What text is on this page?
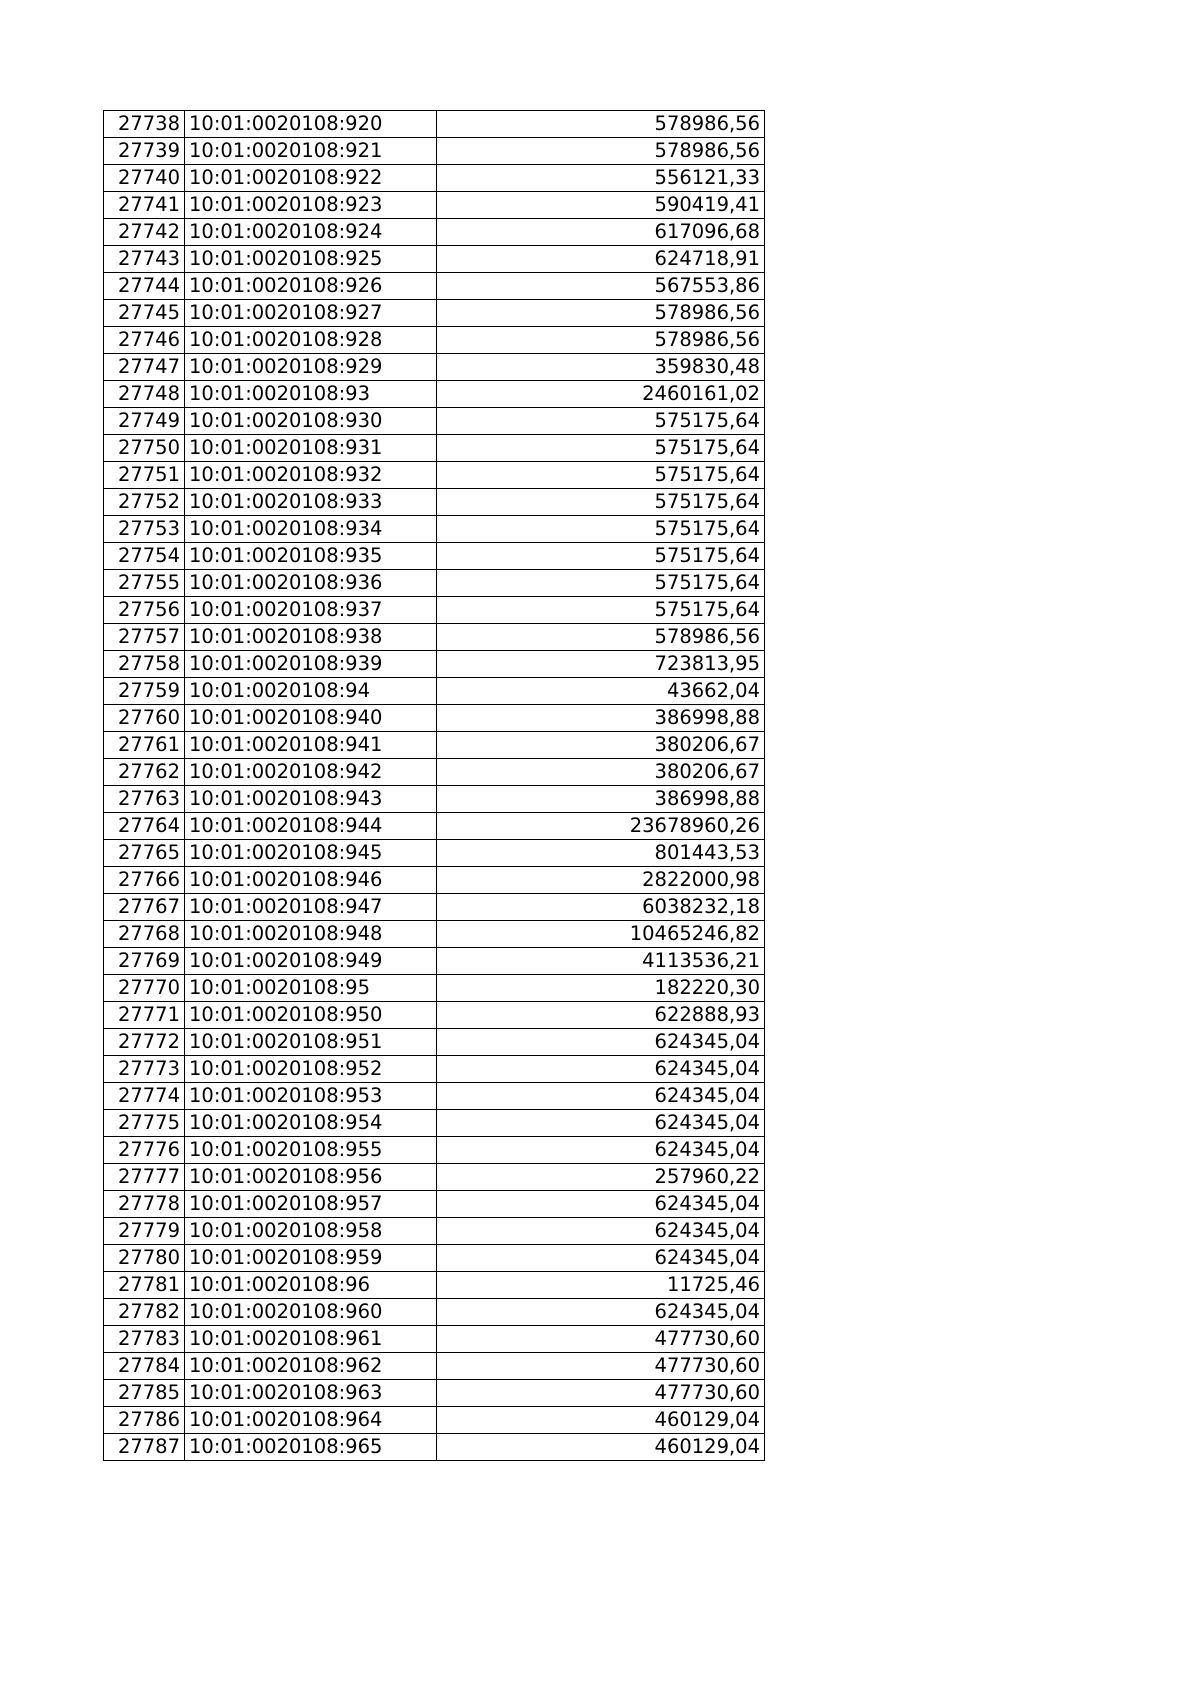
27738	10:01:0020108:920	578986,56
27739	10:01:0020108:921	578986,56
27740	10:01:0020108:922	556121,33
27741	10:01:0020108:923	590419,41
27742	10:01:0020108:924	617096,68
27743	10:01:0020108:925	624718,91
27744	10:01:0020108:926	567553,86
27745	10:01:0020108:927	578986,56
27746	10:01:0020108:928	578986,56
27747	10:01:0020108:929	359830,48
27748	10:01:0020108:93	2460161,02
27749	10:01:0020108:930	575175,64
27750	10:01:0020108:931	575175,64
27751	10:01:0020108:932	575175,64
27752	10:01:0020108:933	575175,64
27753	10:01:0020108:934	575175,64
27754	10:01:0020108:935	575175,64
27755	10:01:0020108:936	575175,64
27756	10:01:0020108:937	575175,64
27757	10:01:0020108:938	578986,56
27758	10:01:0020108:939	723813,95
27759	10:01:0020108:94	43662,04
27760	10:01:0020108:940	386998,88
27761	10:01:0020108:941	380206,67
27762	10:01:0020108:942	380206,67
27763	10:01:0020108:943	386998,88
27764	10:01:0020108:944	23678960,26
27765	10:01:0020108:945	801443,53
27766	10:01:0020108:946	2822000,98
27767	10:01:0020108:947	6038232,18
27768	10:01:0020108:948	10465246,82
27769	10:01:0020108:949	4113536,21
27770	10:01:0020108:95	182220,30
27771	10:01:0020108:950	622888,93
27772	10:01:0020108:951	624345,04
27773	10:01:0020108:952	624345,04
27774	10:01:0020108:953	624345,04
27775	10:01:0020108:954	624345,04
27776	10:01:0020108:955	624345,04
27777	10:01:0020108:956	257960,22
27778	10:01:0020108:957	624345,04
27779	10:01:0020108:958	624345,04
27780	10:01:0020108:959	624345,04
27781	10:01:0020108:96	11725,46
27782	10:01:0020108:960	624345,04
27783	10:01:0020108:961	477730,60
27784	10:01:0020108:962	477730,60
27785	10:01:0020108:963	477730,60
27786	10:01:0020108:964	460129,04
27787	10:01:0020108:965	460129,04
